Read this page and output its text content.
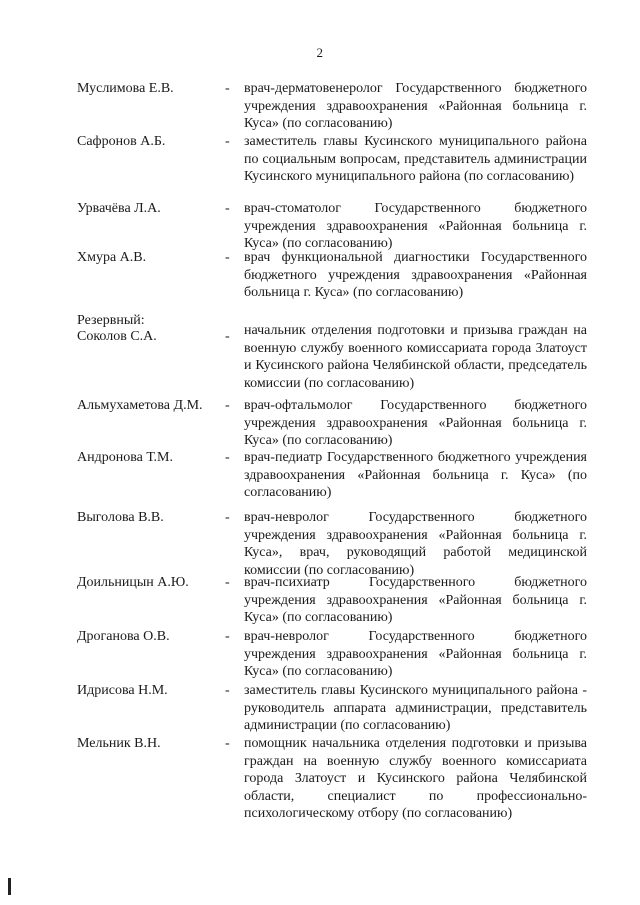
2
Муслимова Е.В.	- врач-дерматовенеролог Государственного бюджетного учреждения здравоохранения «Районная больница г. Куса» (по согласованию)
Сафронов А.Б.	- заместитель главы Кусинского муниципального района по социальным вопросам, представитель администрации Кусинского муниципального района (по согласованию)
Урвачёва Л.А.	- врач-стоматолог Государственного бюджетного учреждения здравоохранения «Районная больница г. Куса» (по согласованию)
Хмура А.В.	- врач функциональной диагностики Государственного бюджетного учреждения здравоохранения «Районная больница г. Куса» (по согласованию)
Резервный:
Соколов С.А.	- начальник отделения подготовки и призыва граждан на военную службу военного комиссариата города Златоуст и Кусинского района Челябинской области, председатель комиссии (по согласованию)
Альмухаметова Д.М.	- врач-офтальмолог Государственного бюджетного учреждения здравоохранения «Районная больница г. Куса» (по согласованию)
Андронова Т.М.	- врач-педиатр Государственного бюджетного учреждения здравоохранения «Районная больница г. Куса» (по согласованию)
Выголова В.В.	- врач-невролог Государственного бюджетного учреждения здравоохранения «Районная больница г. Куса», врач, руководящий работой медицинской комиссии (по согласованию)
Доильницын А.Ю.	- врач-психиатр Государственного бюджетного учреждения здравоохранения «Районная больница г. Куса» (по согласованию)
Дроганова О.В.	- врач-невролог Государственного бюджетного учреждения здравоохранения «Районная больница г. Куса» (по согласованию)
Идрисова Н.М.	- заместитель главы Кусинского муниципального района - руководитель аппарата администрации, представитель администрации (по согласованию)
Мельник В.Н.	- помощник начальника отделения подготовки и призыва граждан на военную службу военного комиссариата города Златоуст и Кусинского района Челябинской области, специалист по профессионально-психологическому отбору (по согласованию)
